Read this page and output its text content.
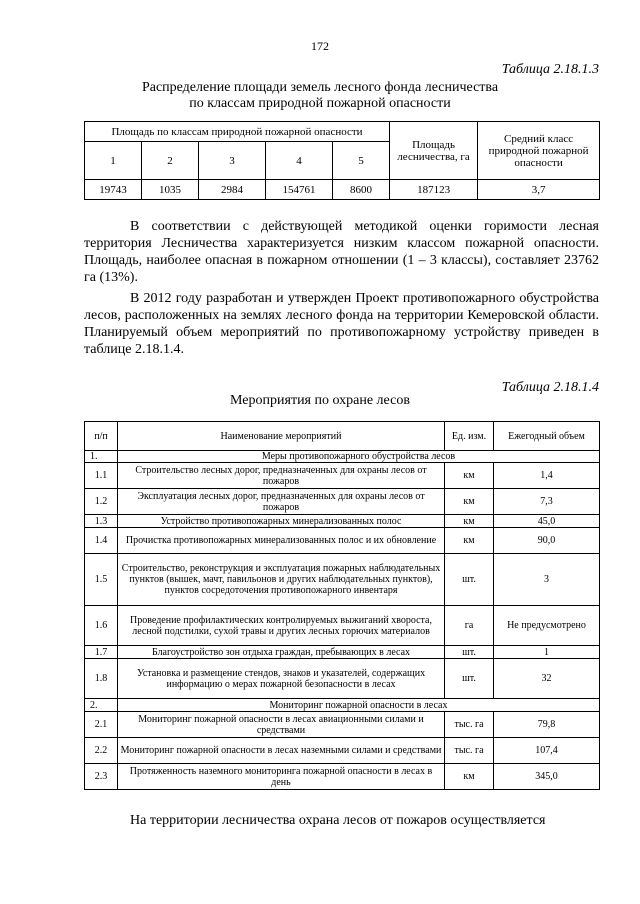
172
Таблица 2.18.1.3
Распределение площади земель лесного фонда лесничества
по классам природной пожарной опасности
Площадь по классам природной пожарной опасности					Площадь лесничества, га	Средний класс природной пожарной опасности
1	2	3	4	5		
19743	1035	2984	154761	8600	187123	3,7
В соответствии с действующей методикой оценки горимости лесная территория Лесничества характеризуется низким классом пожарной опасности. Площадь, наиболее опасная в пожарном отношении (1 – 3 классы), составляет 23762 га (13%).
В 2012 году разработан и утвержден Проект противопожарного обустройства лесов, расположенных на землях лесного фонда на территории Кемеровской области. Планируемый объем мероприятий по противопожарному устройству приведен в таблице 2.18.1.4.
Таблица 2.18.1.4
Мероприятия по охране лесов
п/п	Наименование мероприятий	Ед. изм.	Ежегодный объем
1.	Меры противопожарного обустройства лесов		
1.1	Строительство лесных дорог, предназначенных для охраны лесов от пожаров	км	1,4
1.2	Эксплуатация лесных дорог, предназначенных для охраны лесов от пожаров	км	7,3
1.3	Устройство противопожарных минерализованных полос	км	45,0
1.4	Прочистка противопожарных минерализованных полос и их обновление	км	90,0
1.5	Строительство, реконструкция и эксплуатация пожарных наблюдательных пунктов (вышек, мачт, павильонов и других наблюдательных пунктов), пунктов сосредоточения противопожарного инвентаря	шт.	3
1.6	Проведение профилактических контролируемых выжиганий хвороста, лесной подстилки, сухой травы и других лесных горючих материалов	га	Не предусмотрено
1.7	Благоустройство зон отдыха граждан, пребывающих в лесах	шт.	1
1.8	Установка и размещение стендов, знаков и указателей, содержащих информацию о мерах пожарной безопасности в лесах	шт.	32
2.	Мониторинг пожарной опасности в лесах		
2.1	Мониторинг пожарной опасности в лесах авиационными силами и средствами	тыс. га	79,8
2.2	Мониторинг пожарной опасности в лесах наземными силами и средствами	тыс. га	107,4
2.3	Протяженность наземного мониторинга пожарной опасности в лесах в день	км	345,0
На территории лесничества охрана лесов от пожаров осуществляется
